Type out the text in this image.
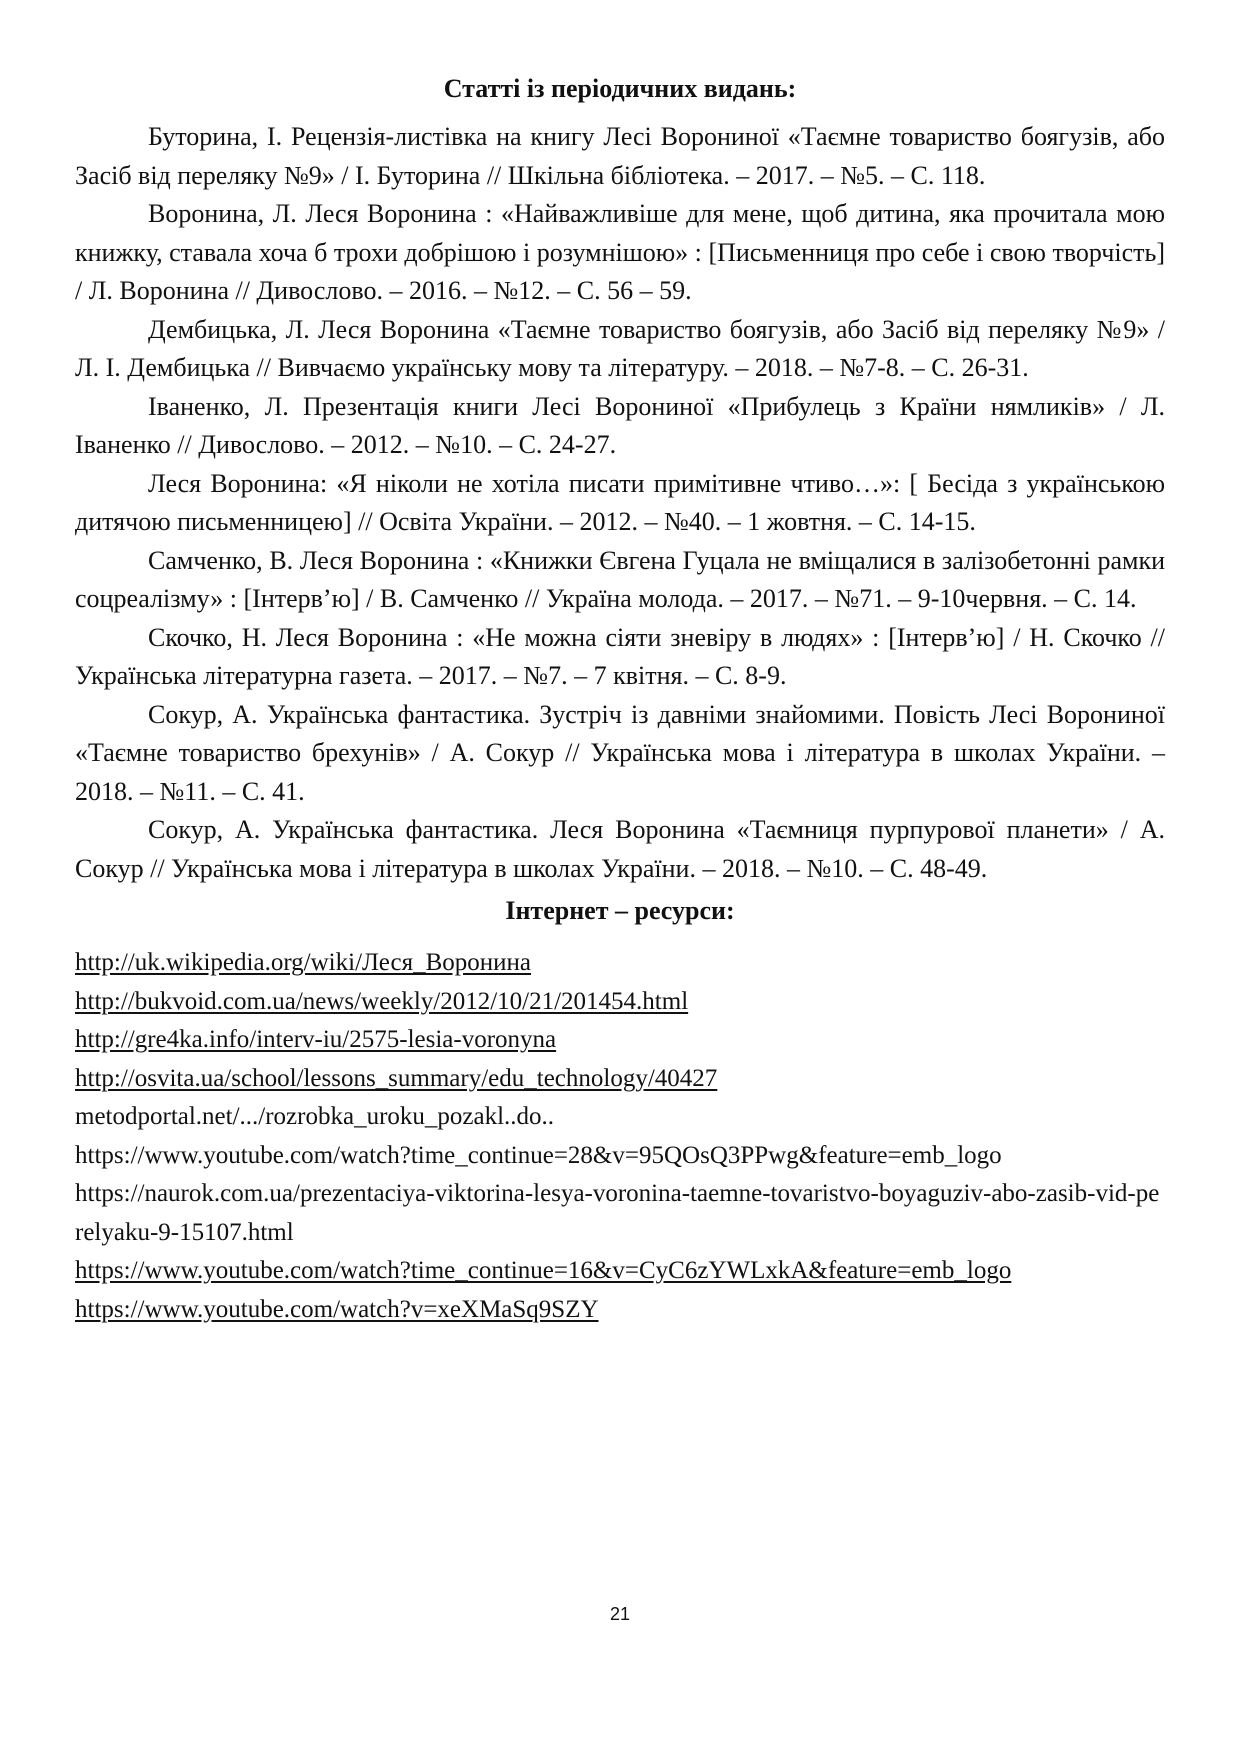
Статті із періодичних видань:

Буторина, І. Рецензія-листівка на книгу Лесі Ворониної «Таємне товариство боягузів, або Засіб від переляку №9» / І. Буторина // Шкільна бібліотека. – 2017. – №5. – С. 118.

Воронина, Л. Леся Воронина : «Найважливіше для мене, щоб дитина, яка прочитала мою книжку, ставала хоча б трохи добрішою і розумнішою» : [Письменниця про себе і свою творчість] / Л. Воронина // Дивослово. – 2016. – №12. – С. 56 – 59.

Дембицька, Л. Леся Воронина «Таємне товариство боягузів, або Засіб від переляку №9» / Л. І. Дембицька // Вивчаємо українську мову та літературу. – 2018. – №7-8. – С. 26-31.

Іваненко, Л. Презентація книги Лесі Ворониної «Прибулець з Країни нямликів» / Л. Іваненко // Дивослово. – 2012. – №10. – С. 24-27.

Леся Воронина: «Я ніколи не хотіла писати примітивне чтиво…»: [ Бесіда з українською дитячою письменницею] // Освіта України. – 2012. – №40. – 1 жовтня. – С. 14-15.

Самченко, В. Леся Воронина : «Книжки Євгена Гуцала не вміщалися в залізобетонні рамки соцреалізму» : [Інтерв’ю] / В. Самченко // Україна молода. – 2017. – №71. – 9-10червня. – С. 14.

Скочко, Н. Леся Воронина : «Не можна сіяти зневіру в людях» : [Інтерв’ю] / Н. Скочко // Українська літературна газета. – 2017. – №7. – 7 квітня. – С. 8-9.

Сокур, А. Українська фантастика. Зустріч із давніми знайомими. Повість Лесі Ворониної «Таємне товариство брехунів» / А. Сокур // Українська мова і література в школах України. – 2018. – №11. – С. 41.

Сокур, А. Українська фантастика. Леся Воронина «Таємниця пурпурової планети» / А. Сокур // Українська мова і література в школах України. – 2018. – №10. – С. 48-49.

Інтернет – ресурси:
http://uk.wikipedia.org/wiki/Леся_Воронина
http://bukvoid.com.ua/news/weekly/2012/10/21/201454.html
http://gre4ka.info/interv-iu/2575-lesia-voronyna
http://osvita.ua/school/lessons_summary/edu_technology/40427
metodportal.net/.../rozrobka_uroku_pozakl..do..
https://www.youtube.com/watch?time_continue=28&v=95QOsQ3PPwg&feature=emb_logo
https://naurok.com.ua/prezentaciya-viktorina-lesya-voronina-taemne-tovaristvo-boyaguziv-abo-zasib-vid-perelyaku-9-15107.html
https://www.youtube.com/watch?time_continue=16&v=CyC6zYWLxkA&feature=emb_logo
https://www.youtube.com/watch?v=xeXMaSq9SZY
21
